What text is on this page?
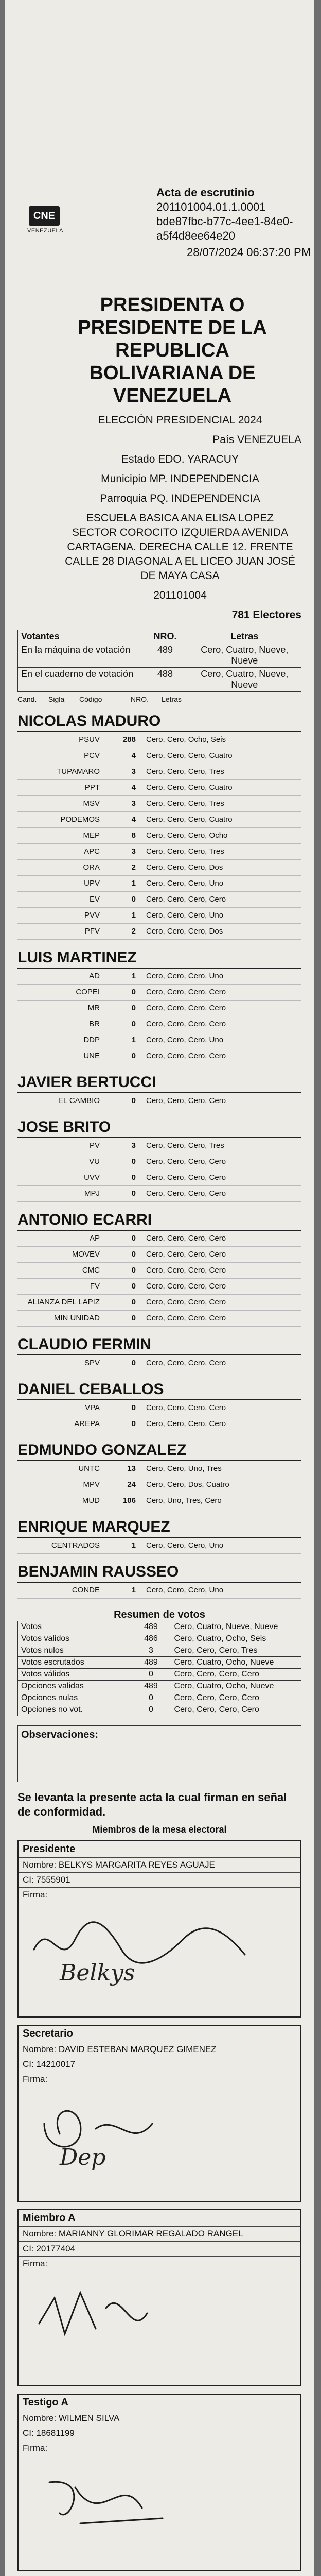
CNE
VENEZUELA
Acta de escrutinio
201101004.01.1.0001
bde87fbc-b77c-4ee1-84e0-
a5f4d8ee64e20
28/07/2024 06:37:20 PM
PRESIDENTA O PRESIDENTE DE LA REPUBLICA BOLIVARIANA DE VENEZUELA
ELECCIÓN PRESIDENCIAL 2024
País VENEZUELA
Estado EDO. YARACUY
Municipio MP. INDEPENDENCIA
Parroquia PQ. INDEPENDENCIA
ESCUELA BASICA ANA ELISA LOPEZ
SECTOR COROCITO IZQUIERDA AVENIDA CARTAGENA. DERECHA CALLE 12. FRENTE CALLE 28 DIAGONAL A EL LICEO JUAN JOSÉ DE MAYA CASA
201101004
781 Electores
Votantes	NRO.	Letras
En la máquina de votación	489	Cero, Cuatro, Nueve, Nueve
En el cuaderno de votación	488	Cero, Cuatro, Nueve, Nueve
Cand.	Sigla	Código	NRO.	Letras
NICOLAS MADURO
PSUV	288	Cero, Cero, Ocho, Seis
PCV	4	Cero, Cero, Cero, Cuatro
TUPAMARO	3	Cero, Cero, Cero, Tres
PPT	4	Cero, Cero, Cero, Cuatro
MSV	3	Cero, Cero, Cero, Tres
PODEMOS	4	Cero, Cero, Cero, Cuatro
MEP	8	Cero, Cero, Cero, Ocho
APC	3	Cero, Cero, Cero, Tres
ORA	2	Cero, Cero, Cero, Dos
UPV	1	Cero, Cero, Cero, Uno
EV	0	Cero, Cero, Cero, Cero
PVV	1	Cero, Cero, Cero, Uno
PFV	2	Cero, Cero, Cero, Dos
LUIS MARTINEZ
AD	1	Cero, Cero, Cero, Uno
COPEI	0	Cero, Cero, Cero, Cero
MR	0	Cero, Cero, Cero, Cero
BR	0	Cero, Cero, Cero, Cero
DDP	1	Cero, Cero, Cero, Uno
UNE	0	Cero, Cero, Cero, Cero
JAVIER BERTUCCI
EL CAMBIO	0	Cero, Cero, Cero, Cero
JOSE BRITO
PV	3	Cero, Cero, Cero, Tres
VU	0	Cero, Cero, Cero, Cero
UVV	0	Cero, Cero, Cero, Cero
MPJ	0	Cero, Cero, Cero, Cero
ANTONIO ECARRI
AP	0	Cero, Cero, Cero, Cero
MOVEV	0	Cero, Cero, Cero, Cero
CMC	0	Cero, Cero, Cero, Cero
FV	0	Cero, Cero, Cero, Cero
ALIANZA DEL LAPIZ	0	Cero, Cero, Cero, Cero
MIN UNIDAD	0	Cero, Cero, Cero, Cero
CLAUDIO FERMIN
SPV	0	Cero, Cero, Cero, Cero
DANIEL CEBALLOS
VPA	0	Cero, Cero, Cero, Cero
AREPA	0	Cero, Cero, Cero, Cero
EDMUNDO GONZALEZ
UNTC	13	Cero, Cero, Uno, Tres
MPV	24	Cero, Cero, Dos, Cuatro
MUD	106	Cero, Uno, Tres, Cero
ENRIQUE MARQUEZ
CENTRADOS	1	Cero, Cero, Cero, Uno
BENJAMIN RAUSSEO
CONDE	1	Cero, Cero, Cero, Uno
Resumen de votos
Votos	489	Cero, Cuatro, Nueve, Nueve
Votos validos	486	Cero, Cuatro, Ocho, Seis
Votos nulos	3	Cero, Cero, Cero, Tres
Votos escrutados	489	Cero, Cuatro, Ocho, Nueve
Votos válidos	0	Cero, Cero, Cero, Cero
Opciones validas	489	Cero, Cuatro, Ocho, Nueve
Opciones nulas	0	Cero, Cero, Cero, Cero
Opciones no vot.	0	Cero, Cero, Cero, Cero
Observaciones:
Se levanta la presente acta la cual firman en señal de conformidad.
Miembros de la mesa electoral
Presidente
Nombre: BELKYS MARGARITA REYES AGUAJE
CI: 7555901
Firma:
Belkys
Secretario
Nombre: DAVID ESTEBAN MARQUEZ GIMENEZ
CI: 14210017
Firma:
Dep
Miembro A
Nombre: MARIANNY GLORIMAR REGALADO RANGEL
CI: 20177404
Firma:
Testigo A
Nombre: WILMEN SILVA
CI: 18681199
Firma:
